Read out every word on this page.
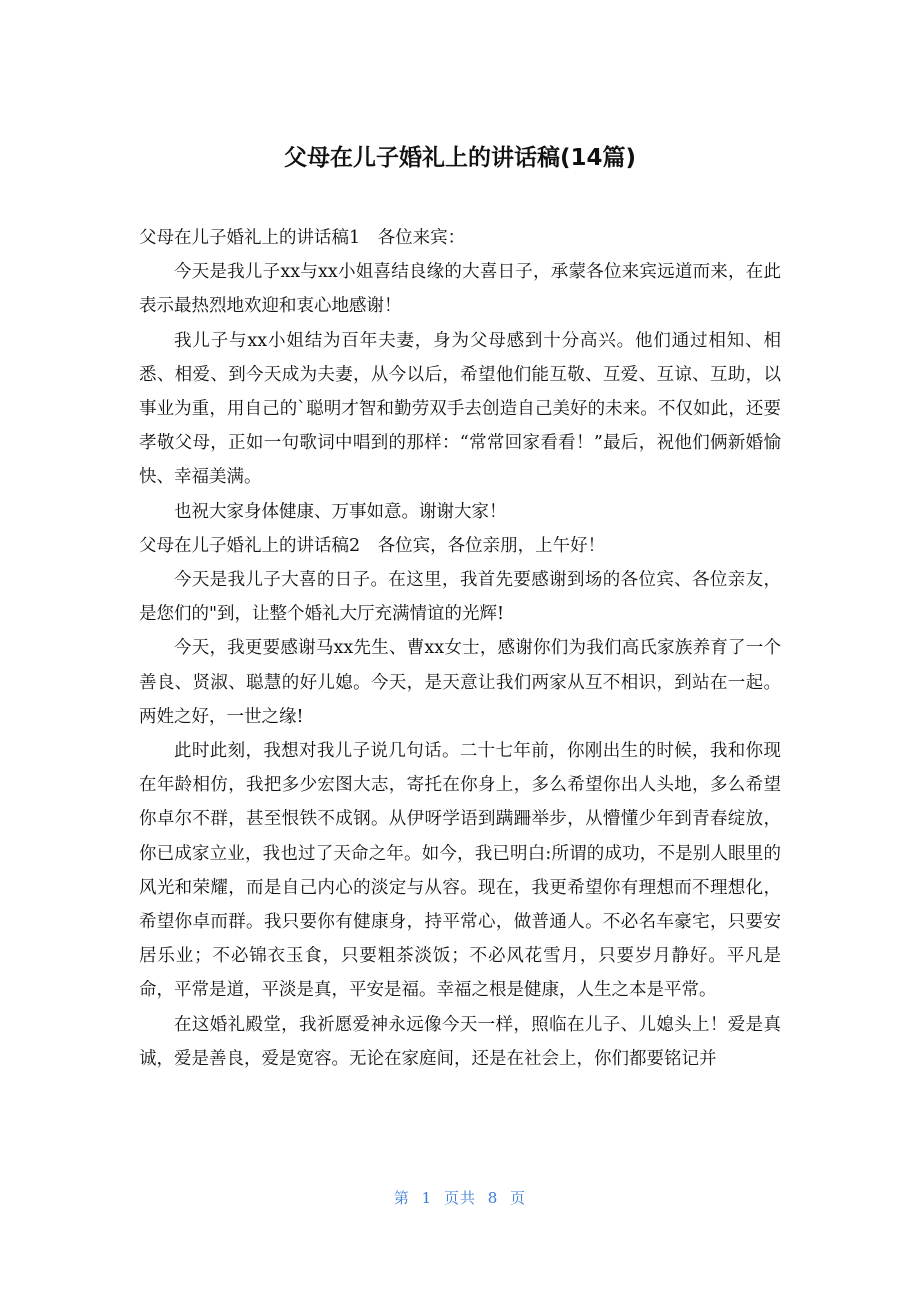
父母在儿子婚礼上的讲话稿(14篇)

父母在儿子婚礼上的讲话稿1　各位来宾：

今天是我儿子xx与xx小姐喜结良缘的大喜日子，承蒙各位来宾远道而来，在此表示最热烈地欢迎和衷心地感谢！

我儿子与xx小姐结为百年夫妻，身为父母感到十分高兴。他们通过相知、相悉、相爱、到今天成为夫妻，从今以后，希望他们能互敬、互爱、互谅、互助，以事业为重，用自己的`聪明才智和勤劳双手去创造自己美好的未来。不仅如此，还要孝敬父母，正如一句歌词中唱到的那样：“常常回家看看！”最后，祝他们俩新婚愉快、幸福美满。

也祝大家身体健康、万事如意。谢谢大家！

父母在儿子婚礼上的讲话稿2　各位宾，各位亲朋，上午好！

今天是我儿子大喜的日子。在这里，我首先要感谢到场的各位宾、各位亲友，是您们的"到，让整个婚礼大厅充满情谊的光辉!

今天，我更要感谢马xx先生、曹xx女士，感谢你们为我们高氏家族养育了一个善良、贤淑、聪慧的好儿媳。今天，是天意让我们两家从互不相识，到站在一起。两姓之好，一世之缘!

此时此刻，我想对我儿子说几句话。二十七年前，你刚出生的时候，我和你现在年龄相仿，我把多少宏图大志，寄托在你身上，多么希望你出人头地，多么希望你卓尔不群，甚至恨铁不成钢。从伊呀学语到蹒跚举步，从懵懂少年到青春绽放，你已成家立业，我也过了天命之年。如今，我已明白:所谓的成功，不是别人眼里的风光和荣耀，而是自己内心的淡定与从容。现在，我更希望你有理想而不理想化，希望你卓而群。我只要你有健康身，持平常心，做普通人。不必名车豪宅，只要安居乐业；不必锦衣玉食，只要粗茶淡饭；不必风花雪月，只要岁月静好。平凡是命，平常是道，平淡是真，平安是福。幸福之根是健康，人生之本是平常。

在这婚礼殿堂，我祈愿爱神永远像今天一样，照临在儿子、儿媳头上！爱是真诚，爱是善良，爱是宽容。无论在家庭间，还是在社会上，你们都要铭记并

第 1 页共 8 页
